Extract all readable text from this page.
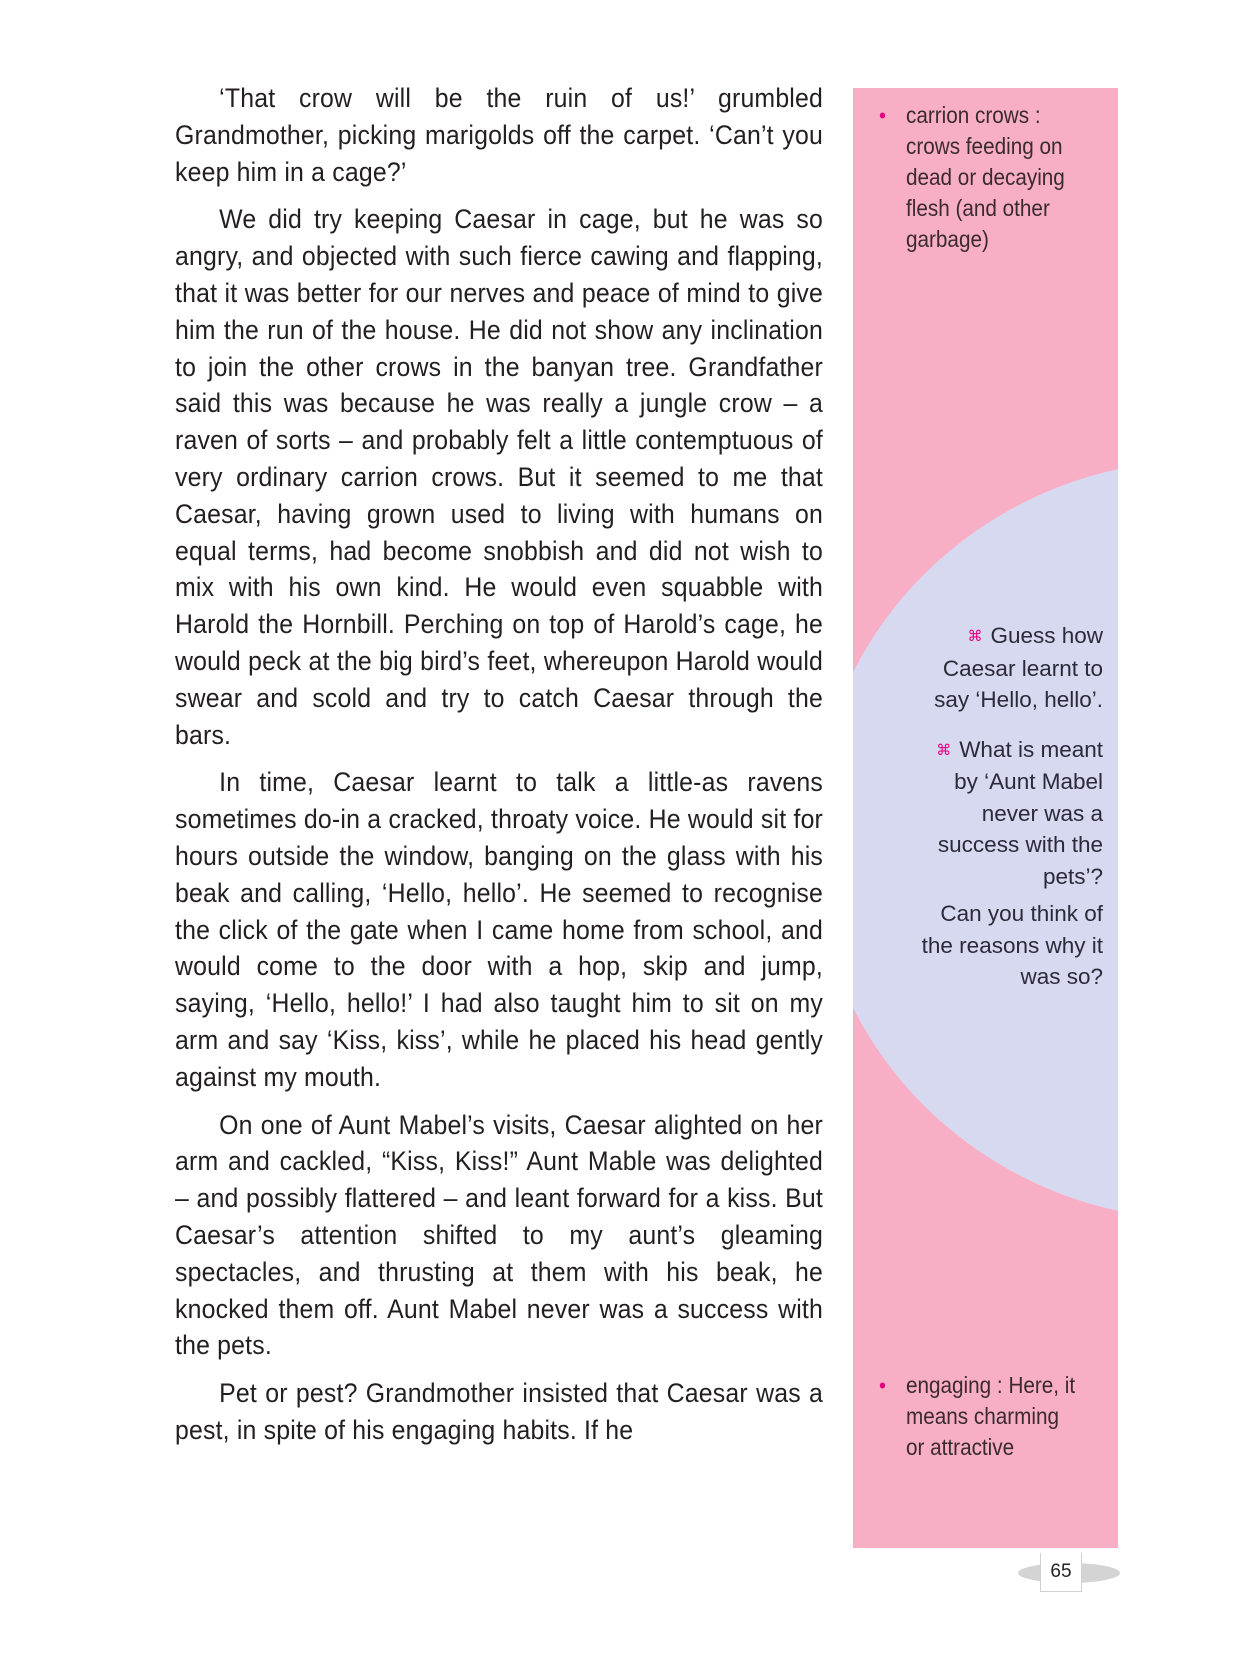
‘That crow will be the ruin of us!’ grumbled Grandmother, picking marigolds off the carpet. ‘Can’t you keep him in a cage?’

We did try keeping Caesar in cage, but he was so angry, and objected with such fierce cawing and flapping, that it was better for our nerves and peace of mind to give him the run of the house. He did not show any inclination to join the other crows in the banyan tree. Grandfather said this was because he was really a jungle crow – a raven of sorts – and probably felt a little contemptuous of very ordinary carrion crows. But it seemed to me that Caesar, having grown used to living with humans on equal terms, had become snobbish and did not wish to mix with his own kind. He would even squabble with Harold the Hornbill. Perching on top of Harold’s cage, he would peck at the big bird’s feet, whereupon Harold would swear and scold and try to catch Caesar through the bars.

In time, Caesar learnt to talk a little-as ravens sometimes do-in a cracked, throaty voice. He would sit for hours outside the window, banging on the glass with his beak and calling, ‘Hello, hello’. He seemed to recognise the click of the gate when I came home from school, and would come to the door with a hop, skip and jump, saying, ‘Hello, hello!’ I had also taught him to sit on my arm and say ‘Kiss, kiss’, while he placed his head gently against my mouth.

On one of Aunt Mabel’s visits, Caesar alighted on her arm and cackled, “Kiss, Kiss!” Aunt Mable was delighted – and possibly flattered – and leant forward for a kiss. But Caesar’s attention shifted to my aunt’s gleaming spectacles, and thrusting at them with his beak, he knocked them off. Aunt Mabel never was a success with the pets.

Pet or pest? Grandmother insisted that Caesar was a pest, in spite of his engaging habits. If he

• carrion crows : crows feeding on dead or decaying flesh (and other garbage)
⌘ Guess how Caesar learnt to say ‘Hello, hello’.
⌘ What is meant by ‘Aunt Mabel never was a success with the pets’?
Can you think of the reasons why it was so?
• engaging : Here, it means charming or attractive
65
